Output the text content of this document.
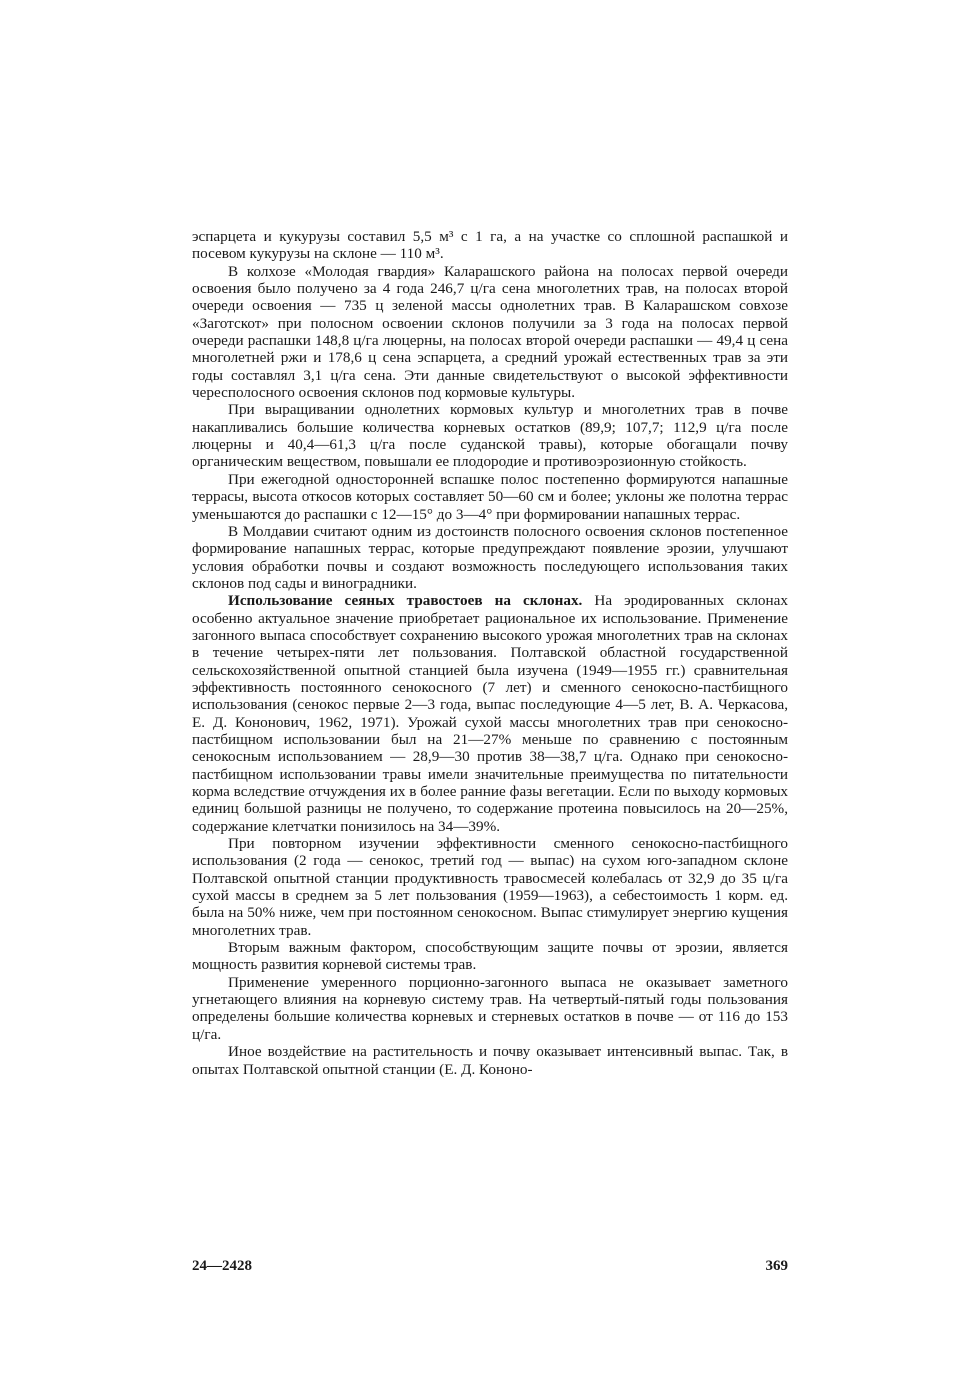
эспарцета и кукурузы составил 5,5 м³ с 1 га, а на участке со сплошной распашкой и посевом кукурузы на склоне — 110 м³.

В колхозе «Молодая гвардия» Каларашского района на полосах первой очереди освоения было получено за 4 года 246,7 ц/га сена многолетних трав, на полосах второй очереди освоения — 735 ц зеленой массы однолетних трав. В Каларашском совхозе «Заготскот» при полосном освоении склонов получили за 3 года на полосах первой очереди распашки 148,8 ц/га люцерны, на полосах второй очереди распашки — 49,4 ц сена многолетней ржи и 178,6 ц сена эспарцета, а средний урожай естественных трав за эти годы составлял 3,1 ц/га сена. Эти данные свидетельствуют о высокой эффективности чересполосного освоения склонов под кормовые культуры.

При выращивании однолетних кормовых культур и многолетних трав в почве накапливались большие количества корневых остатков (89,9; 107,7; 112,9 ц/га после люцерны и 40,4—61,3 ц/га после суданской травы), которые обогащали почву органическим веществом, повышали ее плодородие и противоэрозионную стойкость.

При ежегодной односторонней вспашке полос постепенно формируются напашные террасы, высота откосов которых составляет 50—60 см и более; уклоны же полотна террас уменьшаются до распашки с 12—15° до 3—4° при формировании напашных террас.

В Молдавии считают одним из достоинств полосного освоения склонов постепенное формирование напашных террас, которые предупреждают появление эрозии, улучшают условия обработки почвы и создают возможность последующего использования таких склонов под сады и виноградники.

Использование сеяных травостоев на склонах. На эродированных склонах особенно актуальное значение приобретает рациональное их использование. Применение загонного выпаса способствует сохранению высокого урожая многолетних трав на склонах в течение четырех-пяти лет пользования. Полтавской областной государственной сельскохозяйственной опытной станцией была изучена (1949—1955 гг.) сравнительная эффективность постоянного сенокосного (7 лет) и сменного сенокосно-пастбищного использования (сенокос первые 2—3 года, выпас последующие 4—5 лет, В. А. Черкасова, Е. Д. Кононович, 1962, 1971). Урожай сухой массы многолетних трав при сенокосно-пастбищном использовании был на 21—27% меньше по сравнению с постоянным сенокосным использованием — 28,9—30 против 38—38,7 ц/га. Однако при сенокосно-пастбищном использовании травы имели значительные преимущества по питательности корма вследствие отчуждения их в более ранние фазы вегетации. Если по выходу кормовых единиц большой разницы не получено, то содержание протеина повысилось на 20—25%, содержание клетчатки понизилось на 34—39%.

При повторном изучении эффективности сменного сенокосно-пастбищного использования (2 года — сенокос, третий год — выпас) на сухом юго-западном склоне Полтавской опытной станции продуктивность травосмесей колебалась от 32,9 до 35 ц/га сухой массы в среднем за 5 лет пользования (1959—1963), а себестоимость 1 корм. ед. была на 50% ниже, чем при постоянном сенокосном. Выпас стимулирует энергию кущения многолетних трав.

Вторым важным фактором, способствующим защите почвы от эрозии, является мощность развития корневой системы трав.

Применение умеренного порционно-загонного выпаса не оказывает заметного угнетающего влияния на корневую систему трав. На четвертый-пятый годы пользования определены большие количества корневых и стерневых остатков в почве — от 116 до 153 ц/га.

Иное воздействие на растительность и почву оказывает интенсивный выпас. Так, в опытах Полтавской опытной станции (Е. Д. Кононо-

24—2428	369
